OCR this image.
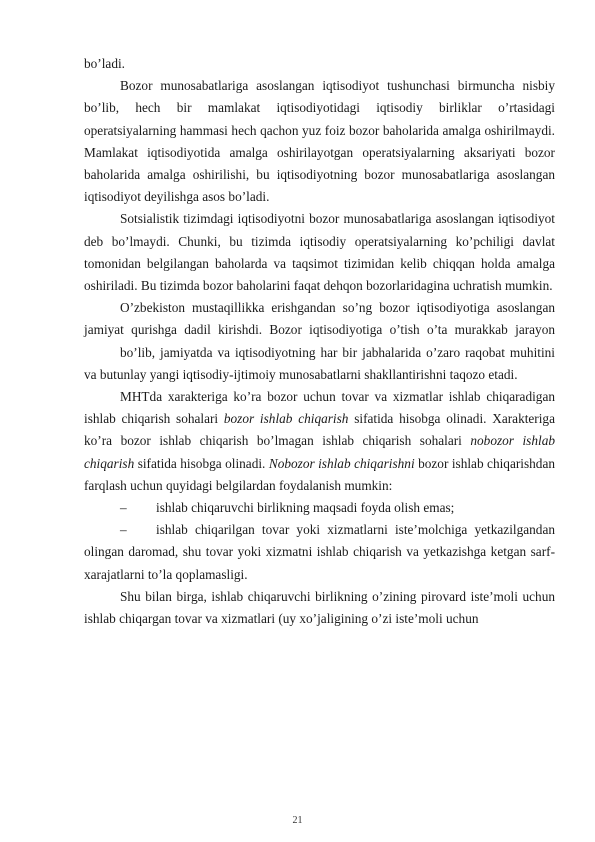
bo’ladi.

Bozor munosabatlariga asoslangan iqtisodiyot tushunchasi birmuncha nisbiy bo’lib, hech bir mamlakat iqtisodiyotidagi iqtisodiy birliklar o’rtasidagi operatsiyalarning hammasi hech qachon yuz foiz bozor baholarida amalga oshirilmaydi. Mamlakat iqtisodiyotida amalga oshirilayotgan operatsiyalarning aksariyati bozor baholarida amalga oshirilishi, bu iqtisodiyotning bozor munosabatlariga asoslangan iqtisodiyot deyilishga asos bo’ladi.

Sotsialistik tizimdagi iqtisodiyotni bozor munosabatlariga asoslangan iqtisodiyot deb bo’lmaydi. Chunki, bu tizimda iqtisodiy operatsiyalarning ko’pchiligi davlat tomonidan belgilangan baholarda va taqsimot tizimidan kelib chiqqan holda amalga oshiriladi. Bu tizimda bozor baholarini faqat dehqon bozorlaridagina uchratish mumkin.

O’zbekiston mustaqillikka erishgandan so’ng bozor iqtisodiyotiga asoslangan jamiyat qurishga dadil kirishdi. Bozor iqtisodiyotiga o’tish o’ta murakkab jarayon

bo’lib, jamiyatda va iqtisodiyotning har bir jabhalarida o’zaro raqobat muhitini va butunlay yangi iqtisodiy-ijtimoiy munosabatlarni shakllantirishni taqozo etadi.

MHTda xarakteriga ko’ra bozor uchun tovar va xizmatlar ishlab chiqaradigan ishlab chiqarish sohalari bozor ishlab chiqarish sifatida hisobga olinadi. Xarakteriga ko’ra bozor ishlab chiqarish bo’lmagan ishlab chiqarish sohalari nobozor ishlab chiqarish sifatida hisobga olinadi. Nobozor ishlab chiqarishni bozor ishlab chiqarishdan farqlash uchun quyidagi belgilardan foydalanish mumkin:

‒	ishlab chiqaruvchi birlikning maqsadi foyda olish emas;

‒	ishlab chiqarilgan tovar yoki xizmatlarni iste’molchiga yetkazilgandan olingan daromad, shu tovar yoki xizmatni ishlab chiqarish va yetkazishga ketgan sarf- xarajatlarni to’la qoplamasligi.

Shu bilan birga, ishlab chiqaruvchi birlikning o’zining pirovard iste’moli uchun ishlab chiqargan tovar va xizmatlari (uy xo’jaligining o’zi iste’moli uchun

21
